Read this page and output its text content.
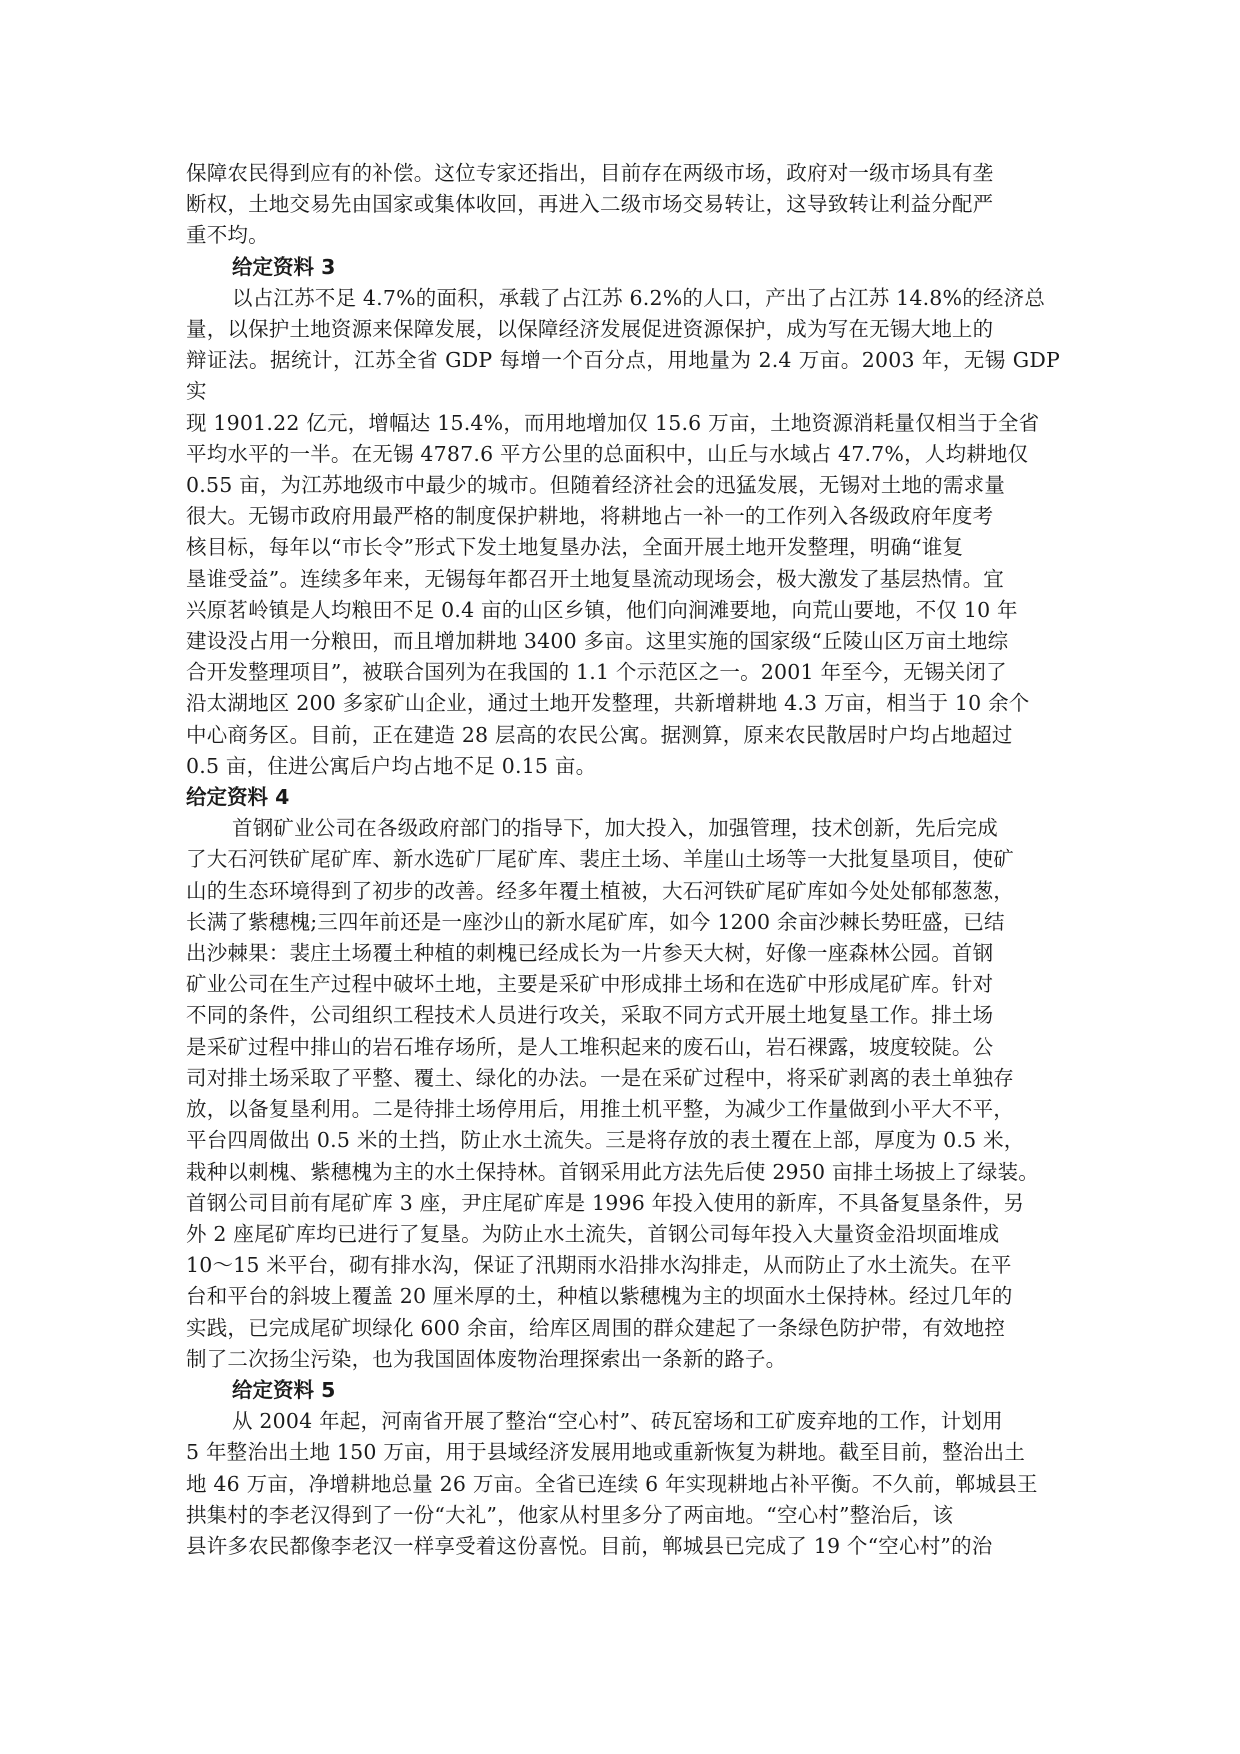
保障农民得到应有的补偿。这位专家还指出，目前存在两级市场，政府对一级市场具有垄
断权，土地交易先由国家或集体收回，再进入二级市场交易转让，这导致转让利益分配严
重不均。
给定资料 3
以占江苏不足 4.7%的面积，承载了占江苏 6.2%的人口，产出了占江苏 14.8%的经济总
量，以保护土地资源来保障发展，以保障经济发展促进资源保护，成为写在无锡大地上的
辩证法。据统计，江苏全省 GDP 每增一个百分点，用地量为 2.4 万亩。2003 年，无锡 GDP 实
现 1901.22 亿元，增幅达 15.4%，而用地增加仅 15.6 万亩，土地资源消耗量仅相当于全省
平均水平的一半。在无锡 4787.6 平方公里的总面积中，山丘与水域占 47.7%，人均耕地仅
0.55 亩，为江苏地级市中最少的城市。但随着经济社会的迅猛发展，无锡对土地的需求量
很大。无锡市政府用最严格的制度保护耕地，将耕地占一补一的工作列入各级政府年度考
核目标，每年以“市长令”形式下发土地复垦办法，全面开展土地开发整理，明确“谁复
垦谁受益”。连续多年来，无锡每年都召开土地复垦流动现场会，极大激发了基层热情。宜
兴原茗岭镇是人均粮田不足 0.4 亩的山区乡镇，他们向涧滩要地，向荒山要地，不仅 10 年
建设没占用一分粮田，而且增加耕地 3400 多亩。这里实施的国家级“丘陵山区万亩土地综
合开发整理项目”，被联合国列为在我国的 1.1 个示范区之一。2001 年至今，无锡关闭了
沿太湖地区 200 多家矿山企业，通过土地开发整理，共新增耕地 4.3 万亩，相当于 10 余个
中心商务区。目前，正在建造 28 层高的农民公寓。据测算，原来农民散居时户均占地超过
0.5 亩，住进公寓后户均占地不足 0.15 亩。
给定资料 4
首钢矿业公司在各级政府部门的指导下，加大投入，加强管理，技术创新，先后完成
了大石河铁矿尾矿库、新水选矿厂尾矿库、裴庄土场、羊崖山土场等一大批复垦项目，使矿
山的生态环境得到了初步的改善。经多年覆土植被，大石河铁矿尾矿库如今处处郁郁葱葱，
长满了紫穗槐;三四年前还是一座沙山的新水尾矿库，如今 1200 余亩沙棘长势旺盛，已结
出沙棘果：裴庄土场覆土种植的刺槐已经成长为一片参天大树，好像一座森林公园。首钢
矿业公司在生产过程中破坏土地，主要是采矿中形成排土场和在选矿中形成尾矿库。针对
不同的条件，公司组织工程技术人员进行攻关，采取不同方式开展土地复垦工作。排土场
是采矿过程中排山的岩石堆存场所，是人工堆积起来的废石山，岩石裸露，坡度较陡。公
司对排土场采取了平整、覆土、绿化的办法。一是在采矿过程中，将采矿剥离的表土单独存
放，以备复垦利用。二是待排土场停用后，用推土机平整，为减少工作量做到小平大不平，
平台四周做出 0.5 米的土挡，防止水土流失。三是将存放的表土覆在上部，厚度为 0.5 米，
栽种以刺槐、紫穗槐为主的水土保持林。首钢采用此方法先后使 2950 亩排土场披上了绿装。
首钢公司目前有尾矿库 3 座，尹庄尾矿库是 1996 年投入使用的新库，不具备复垦条件，另
外 2 座尾矿库均已进行了复垦。为防止水土流失，首钢公司每年投入大量资金沿坝面堆成
10～15 米平台，砌有排水沟，保证了汛期雨水沿排水沟排走，从而防止了水土流失。在平
台和平台的斜坡上覆盖 20 厘米厚的土，种植以紫穗槐为主的坝面水土保持林。经过几年的
实践，已完成尾矿坝绿化 600 余亩，给库区周围的群众建起了一条绿色防护带，有效地控
制了二次扬尘污染，也为我国固体废物治理探索出一条新的路子。
给定资料 5
从 2004 年起，河南省开展了整治“空心村”、砖瓦窑场和工矿废弃地的工作，计划用
5 年整治出土地 150 万亩，用于县域经济发展用地或重新恢复为耕地。截至目前，整治出土
地 46 万亩，净增耕地总量 26 万亩。全省已连续 6 年实现耕地占补平衡。不久前，郸城县王
拱集村的李老汉得到了一份“大礼”，他家从村里多分了两亩地。“空心村”整治后，该
县许多农民都像李老汉一样享受着这份喜悦。目前，郸城县已完成了 19 个“空心村”的治
